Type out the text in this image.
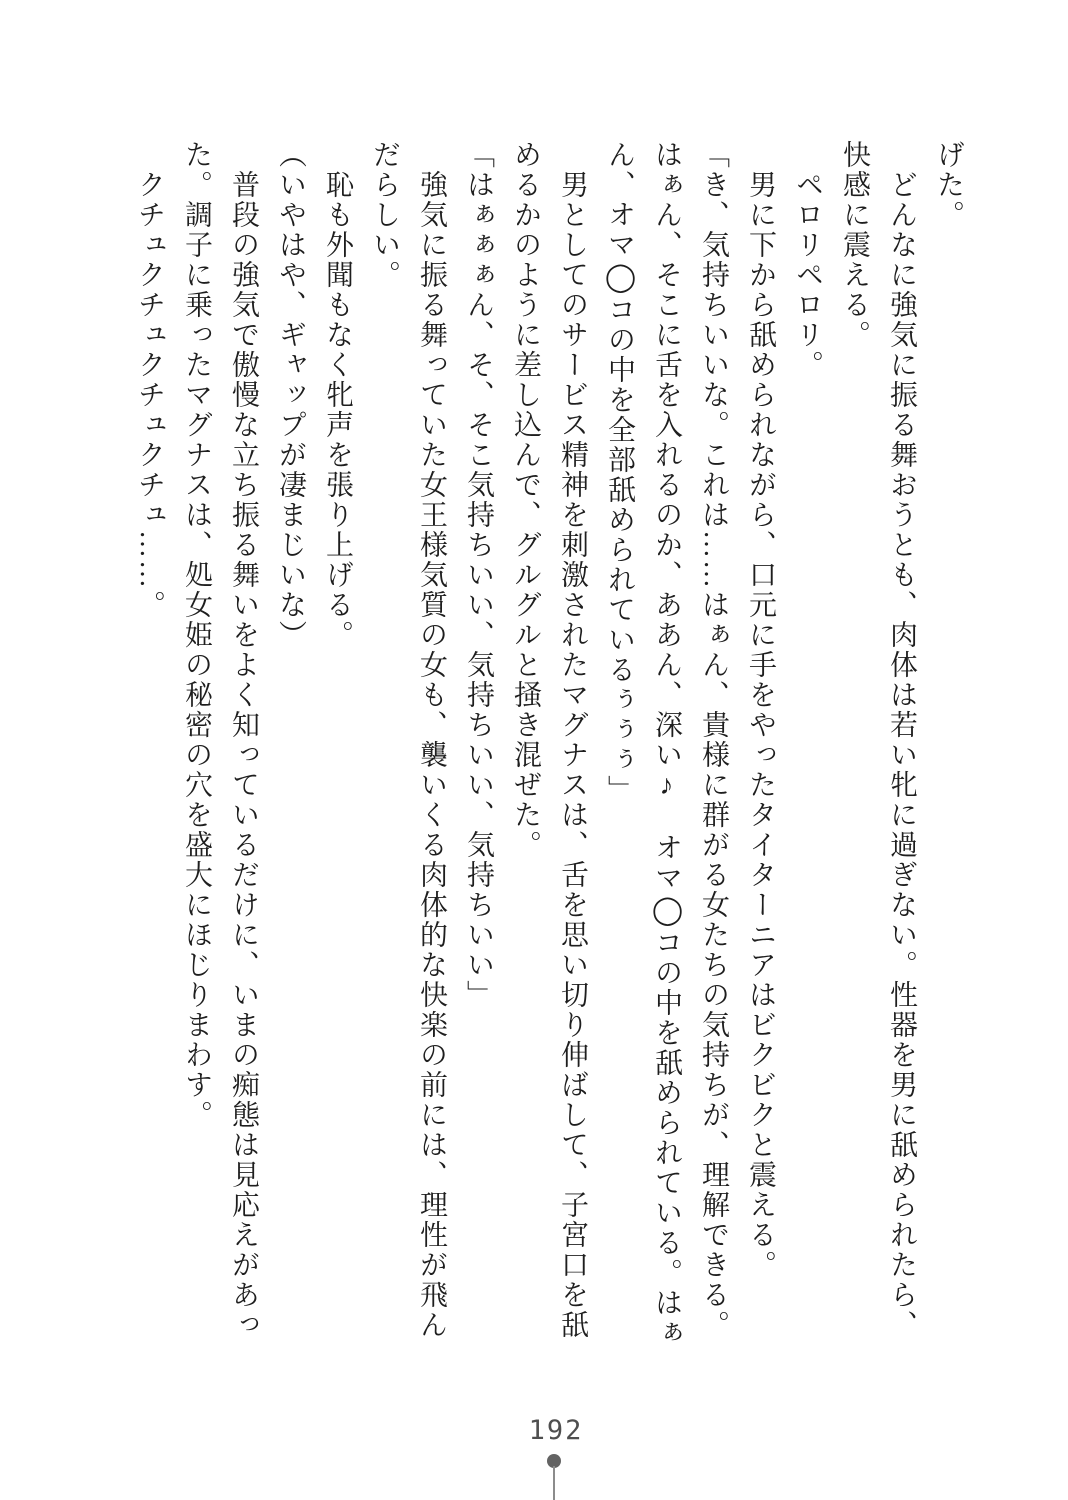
げた。

どんなに強気に振る舞おうとも、肉体は若い牝に過ぎない。性器を男に舐められたら、

快感に震える。

ペロリペロリ。

男に下から舐められながら、口元に手をやったタイターニアはビクビクと震える。

「き、気持ちいいな。これは……はぁん、貴様に群がる女たちの気持ちが、理解できる。

はぁん、そこに舌を入れるのか、ああん、深い♪　オマ◯コの中を舐められている。はぁ

ん、オマ◯コの中を全部舐められているぅぅぅ」

男としてのサービス精神を刺激されたマグナスは、舌を思い切り伸ばして、子宮口を舐

めるかのように差し込んで、グルグルと掻き混ぜた。

「はぁぁぁん、そ、そこ気持ちいい、気持ちいい、気持ちいい」

強気に振る舞っていた女王様気質の女も、襲いくる肉体的な快楽の前には、理性が飛ん

だらしい。

恥も外聞もなく牝声を張り上げる。

（いやはや、ギャップが凄まじいな）

普段の強気で傲慢な立ち振る舞いをよく知っているだけに、いまの痴態は見応えがあっ

た。調子に乗ったマグナスは、処女姫の秘密の穴を盛大にほじりまわす。

クチュクチュクチュクチュ……。

192
